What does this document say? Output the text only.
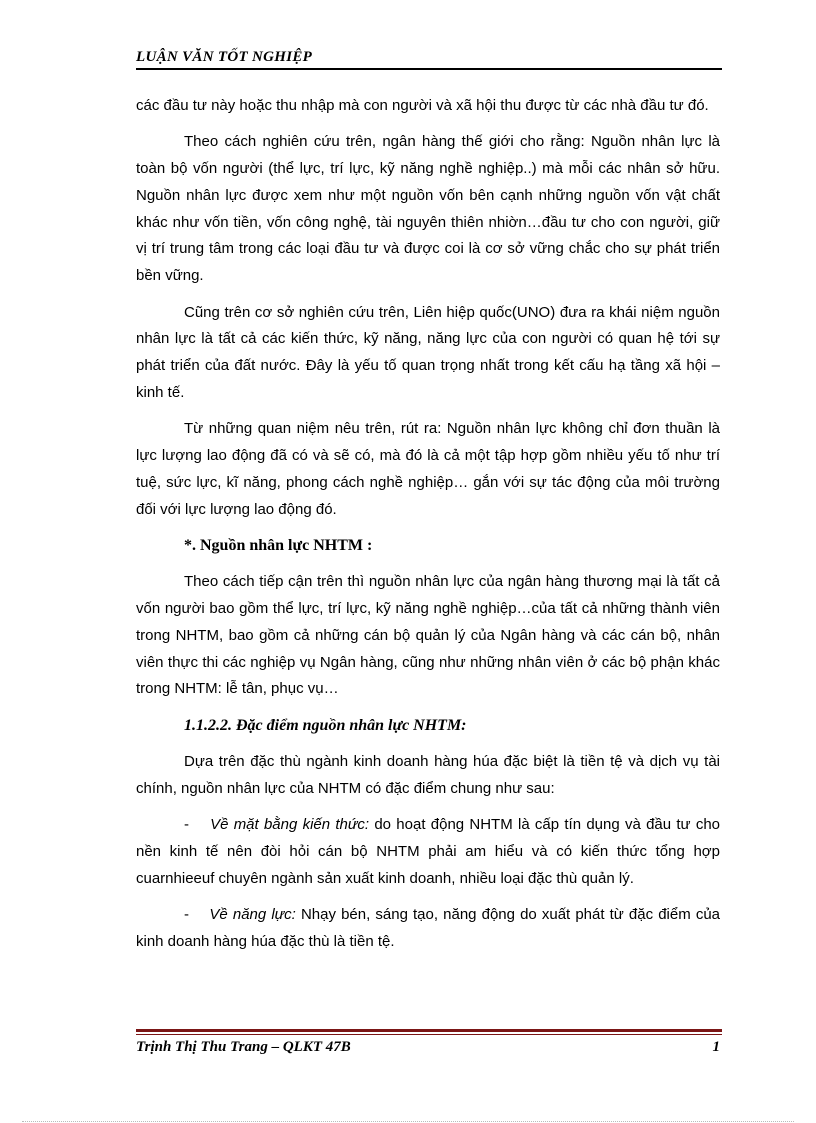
LUẬN VĂN TỐT NGHIỆP

các đầu tư này hoặc thu nhập mà con người và xã hội thu được từ các nhà đầu tư đó.

Theo cách nghiên cứu trên, ngân hàng thế giới cho rằng: Nguồn nhân lực là toàn bộ vốn người (thể lực, trí lực, kỹ năng nghề nghiệp..) mà mỗi các nhân sở hữu. Nguồn nhân lực được xem như một nguồn vốn bên cạnh những nguồn vốn vật chất khác như vốn tiền, vốn công nghệ, tài nguyên thiên nhiờn…đầu tư cho con người, giữ vị trí trung tâm trong các loại đầu tư và được coi là cơ sở vững chắc cho sự phát triển bền vững.

Cũng trên cơ sở nghiên cứu trên, Liên hiệp quốc(UNO) đưa ra khái niệm nguồn nhân lực là tất cả các kiến thức, kỹ năng, năng lực của con người có quan hệ tới sự phát triển của đất nước. Đây là yếu tố quan trọng nhất trong kết cấu hạ tầng xã hội – kinh tế.

Từ những quan niệm nêu trên, rút ra: Nguồn nhân lực không chỉ đơn thuần là lực lượng lao động đã có và sẽ có, mà đó là cả một tập hợp gồm nhiều yếu tố như trí tuệ, sức lực, kĩ năng, phong cách nghề nghiệp… gắn với sự tác động của môi trường đối với lực lượng lao động đó.

*. Nguồn nhân lực NHTM :

Theo cách tiếp cận trên thì nguồn nhân lực của ngân hàng thương mại là tất cả vốn người bao gồm thể lực, trí lực, kỹ năng nghề nghiệp…của tất cả những thành viên trong NHTM, bao gồm cả những cán bộ quản lý của Ngân hàng và các cán bộ, nhân viên thực thi các nghiệp vụ Ngân hàng, cũng như những nhân viên ở các bộ phận khác trong NHTM: lễ tân, phục vụ…

1.1.2.2. Đặc điểm nguồn nhân lực NHTM:

Dựa trên đặc thù ngành kinh doanh hàng húa đặc biệt là tiền tệ và dịch vụ tài chính, nguồn nhân lực của NHTM có đặc điểm chung như sau:

- Về mặt bằng kiến thức: do hoạt động NHTM là cấp tín dụng và đầu tư cho nền kinh tế nên đòi hỏi cán bộ NHTM phải am hiểu và có kiến thức tổng hợp cuarnhieeuf chuyên ngành sản xuất kinh doanh, nhiều loại đặc thù quản lý.

- Về năng lực: Nhạy bén, sáng tạo, năng động do xuất phát từ đặc điểm của kinh doanh hàng húa đặc thù là tiền tệ.

Trịnh Thị Thu Trang – QLKT 47B	1
